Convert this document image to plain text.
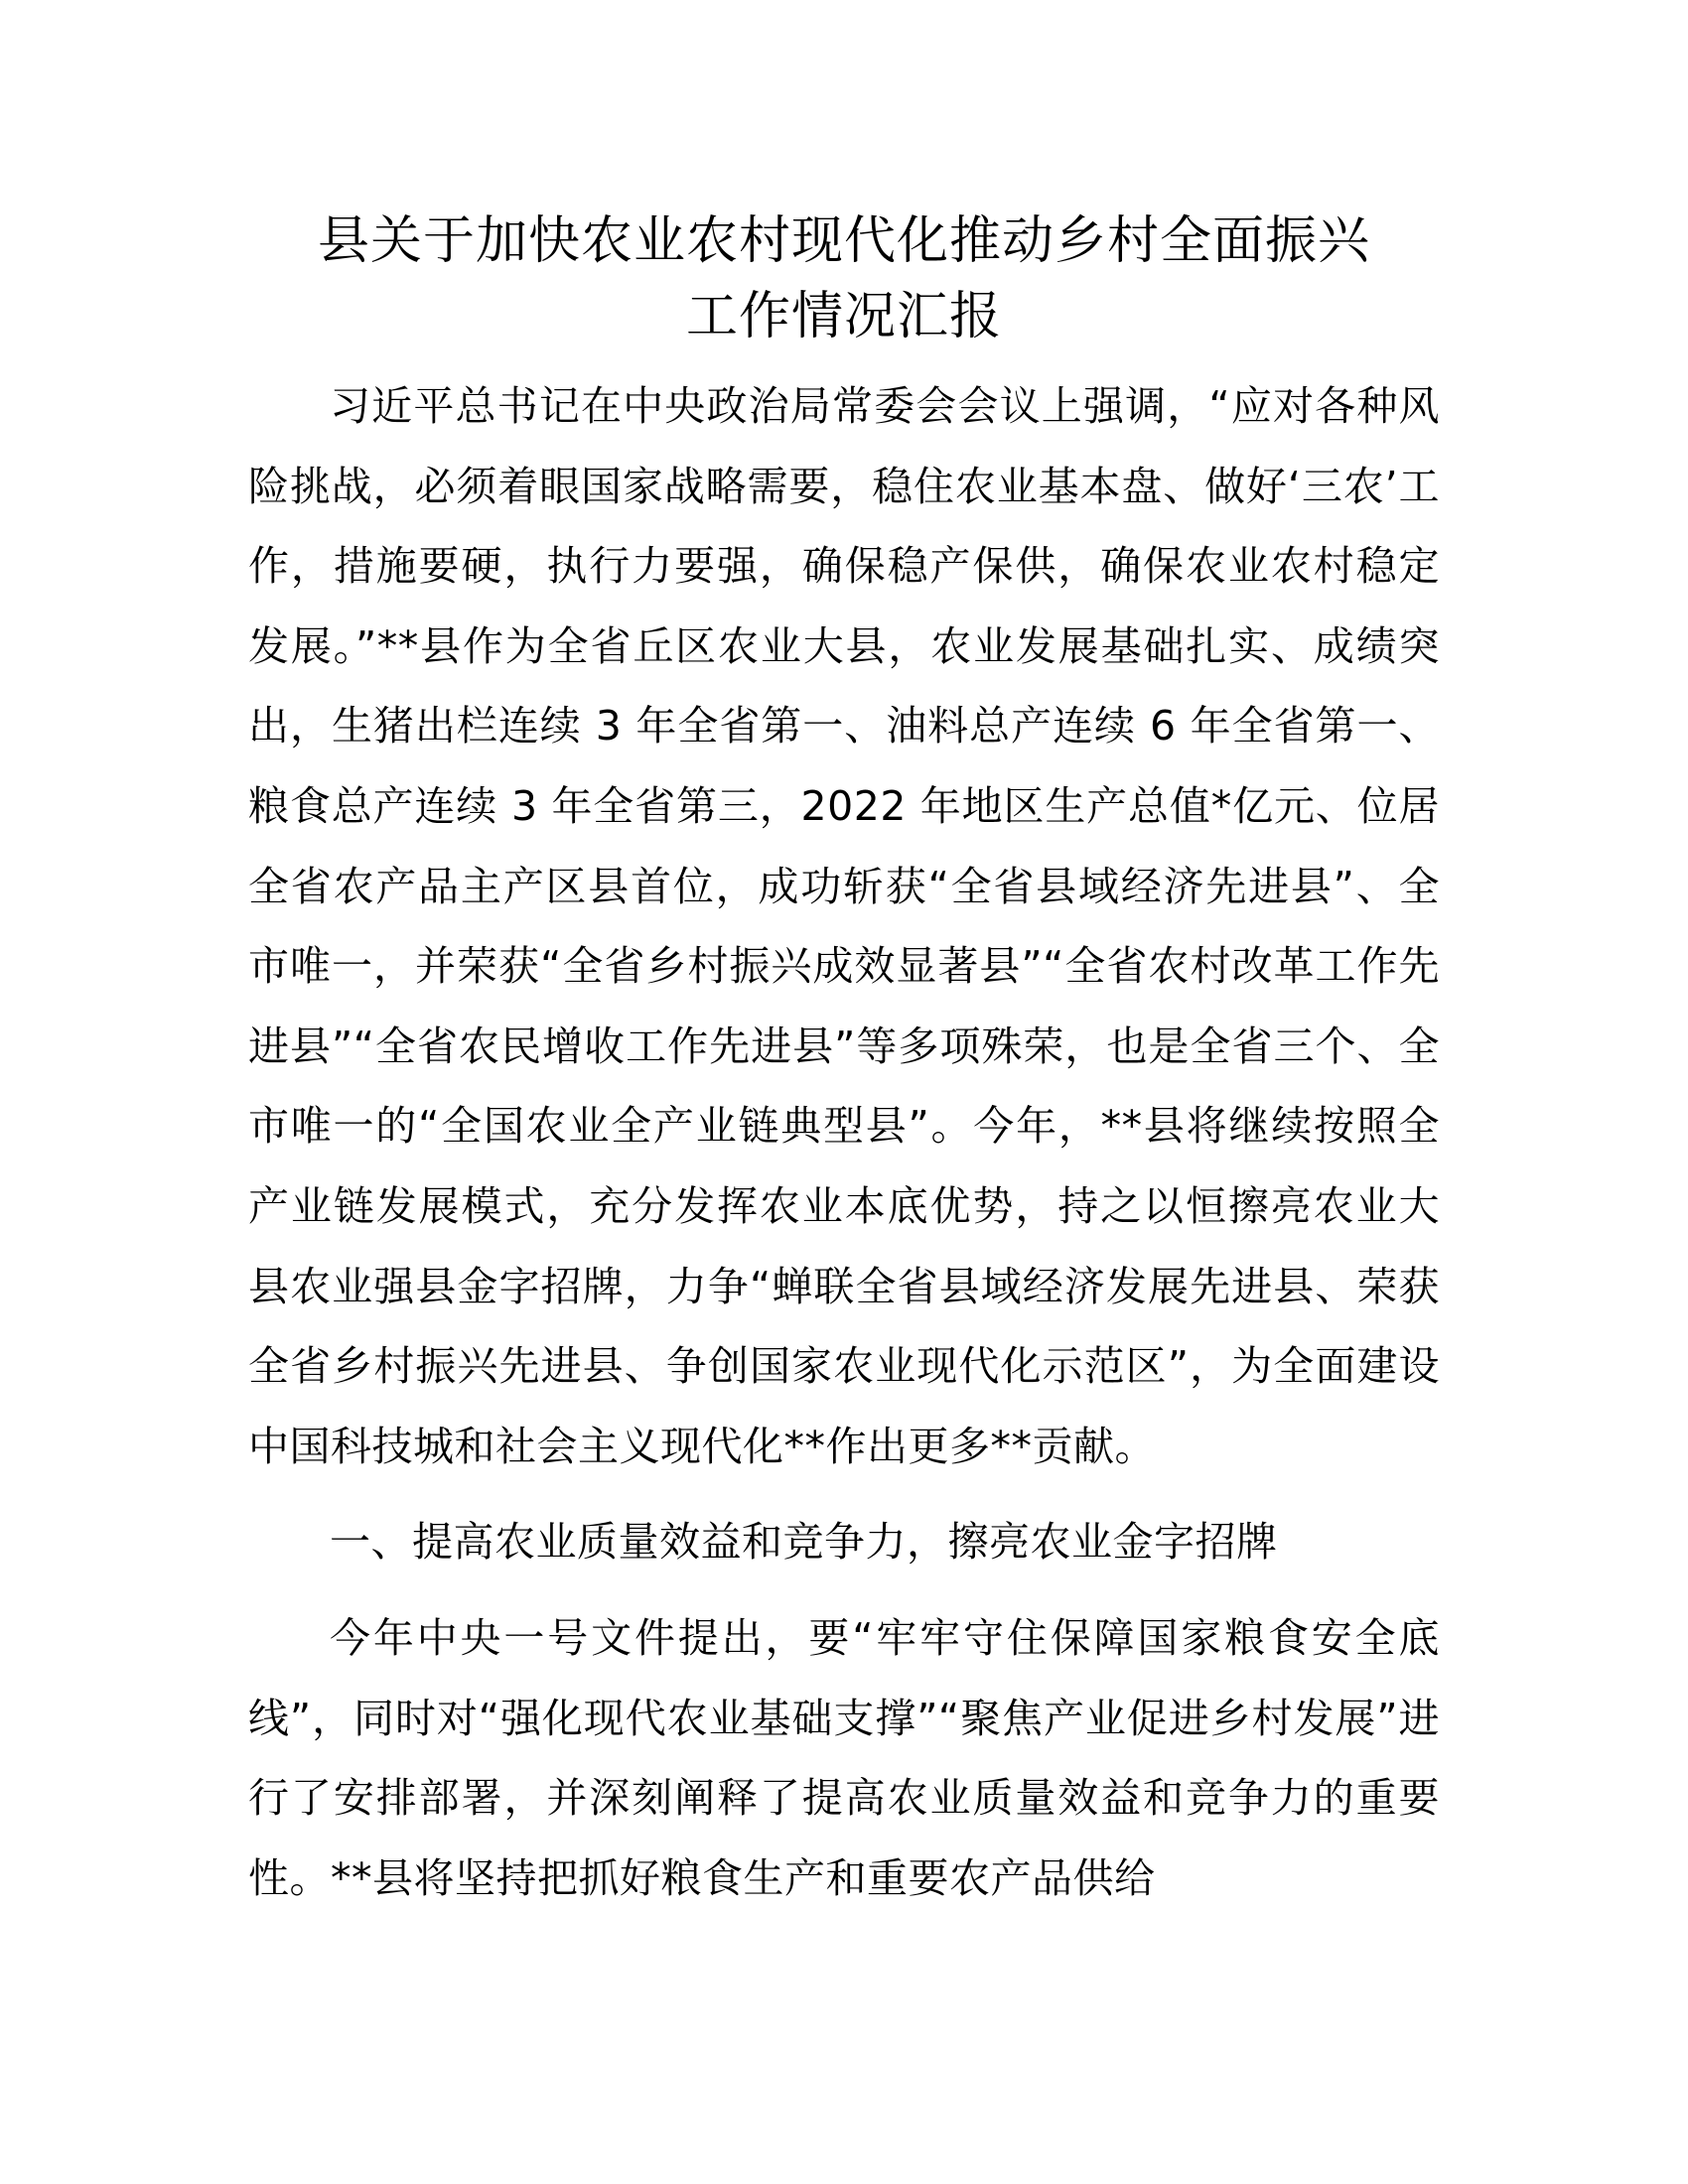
县关于加快农业农村现代化推动乡村全面振兴
工作情况汇报

习近平总书记在中央政治局常委会会议上强调，“应对各种风险挑战，必须着眼国家战略需要，稳住农业基本盘、做好‘三农’工作，措施要硬，执行力要强，确保稳产保供，确保农业农村稳定发展。”**县作为全省丘区农业大县，农业发展基础扎实、成绩突出，生猪出栏连续 3 年全省第一、油料总产连续 6 年全省第一、粮食总产连续 3 年全省第三，2022 年地区生产总值*亿元、位居全省农产品主产区县首位，成功斩获“全省县域经济先进县”、全市唯一，并荣获“全省乡村振兴成效显著县”“全省农村改革工作先进县”“全省农民增收工作先进县”等多项殊荣，也是全省三个、全市唯一的“全国农业全产业链典型县”。今年，**县将继续按照全产业链发展模式，充分发挥农业本底优势，持之以恒擦亮农业大县农业强县金字招牌，力争“蝉联全省县域经济发展先进县、荣获全省乡村振兴先进县、争创国家农业现代化示范区”，为全面建设中国科技城和社会主义现代化**作出更多**贡献。

一、提高农业质量效益和竞争力，擦亮农业金字招牌

今年中央一号文件提出，要“牢牢守住保障国家粮食安全底线”，同时对“强化现代农业基础支撑”“聚焦产业促进乡村发展”进行了安排部署，并深刻阐释了提高农业质量效益和竞争力的重要性。**县将坚持把抓好粮食生产和重要农产品供给
